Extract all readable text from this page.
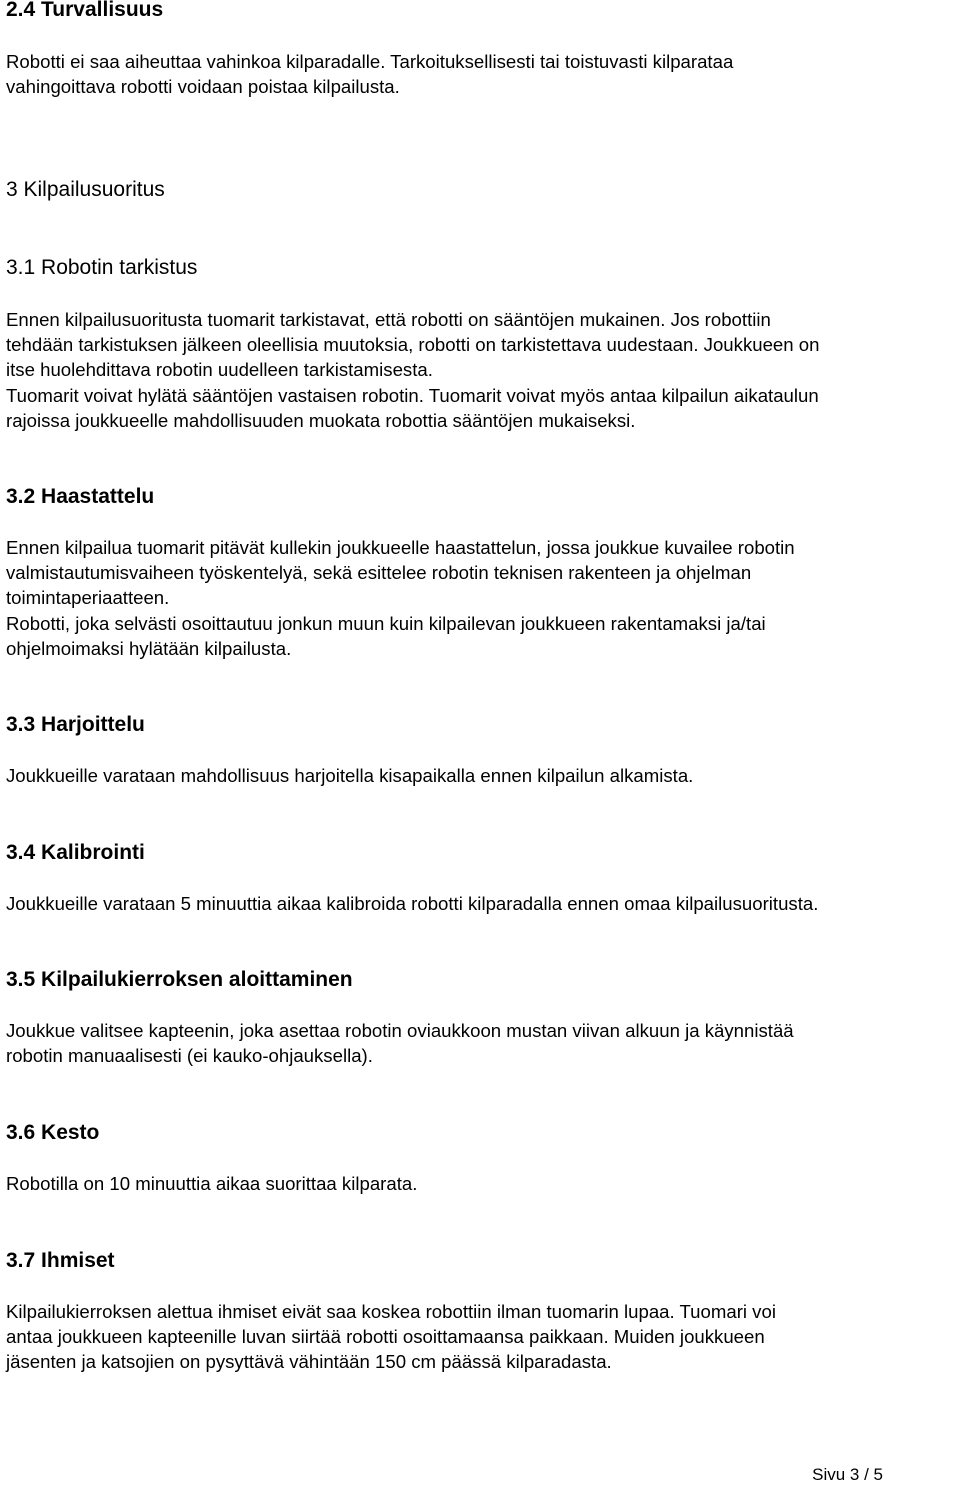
2.4 Turvallisuus
Robotti ei saa aiheuttaa vahinkoa kilparadalle. Tarkoituksellisesti tai toistuvasti kilparataa
vahingoittava robotti voidaan poistaa kilpailusta.
3 Kilpailusuoritus
3.1 Robotin tarkistus
Ennen kilpailusuoritusta tuomarit tarkistavat, että robotti on sääntöjen mukainen. Jos robottiin
tehdään tarkistuksen jälkeen oleellisia muutoksia, robotti on tarkistettava uudestaan. Joukkueen on
itse huolehdittava robotin uudelleen tarkistamisesta.
Tuomarit voivat hylätä sääntöjen vastaisen robotin. Tuomarit voivat myös antaa kilpailun aikataulun
rajoissa joukkueelle mahdollisuuden muokata robottia sääntöjen mukaiseksi.
3.2 Haastattelu
Ennen kilpailua tuomarit pitävät kullekin joukkueelle haastattelun, jossa joukkue kuvailee robotin
valmistautumisvaiheen työskentelyä, sekä esittelee robotin teknisen rakenteen ja ohjelman
toimintaperiaatteen.
Robotti, joka selvästi osoittautuu jonkun muun kuin kilpailevan joukkueen rakentamaksi ja/tai
ohjelmoimaksi hylätään kilpailusta.
3.3 Harjoittelu
Joukkueille varataan mahdollisuus harjoitella kisapaikalla ennen kilpailun alkamista.
3.4 Kalibrointi
Joukkueille varataan 5 minuuttia aikaa kalibroida robotti kilparadalla ennen omaa kilpailusuoritusta.
3.5 Kilpailukierroksen aloittaminen
Joukkue valitsee kapteenin, joka asettaa robotin oviaukkoon mustan viivan alkuun ja käynnistää
robotin manuaalisesti (ei kauko-ohjauksella).
3.6 Kesto
Robotilla on 10 minuuttia aikaa suorittaa kilparata.
3.7 Ihmiset
Kilpailukierroksen alettua ihmiset eivät saa koskea robottiin ilman tuomarin lupaa. Tuomari voi
antaa joukkueen kapteenille luvan siirtää robotti osoittamaansa paikkaan. Muiden joukkueen
jäsenten ja katsojien on pysyttävä vähintään 150 cm päässä kilparadasta.
Sivu 3 / 5
